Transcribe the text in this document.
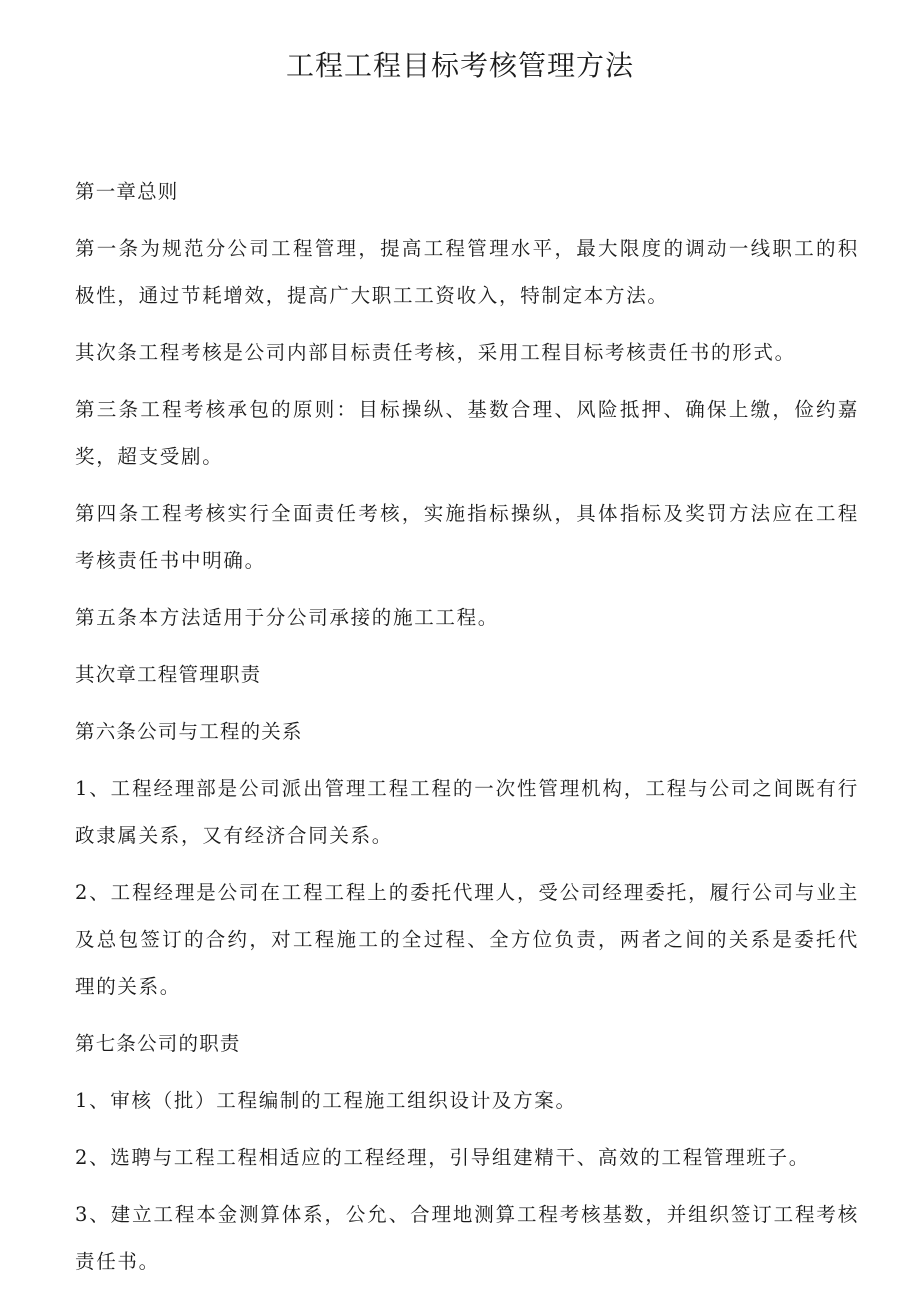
工程工程目标考核管理方法

第一章总则

第一条为规范分公司工程管理，提高工程管理水平，最大限度的调动一线职工的积极性，通过节耗增效，提高广大职工工资收入，特制定本方法。

其次条工程考核是公司内部目标责任考核，采用工程目标考核责任书的形式。

第三条工程考核承包的原则：目标操纵、基数合理、风险抵押、确保上缴，俭约嘉奖，超支受剧。

第四条工程考核实行全面责任考核，实施指标操纵，具体指标及奖罚方法应在工程考核责任书中明确。

第五条本方法适用于分公司承接的施工工程。

其次章工程管理职责

第六条公司与工程的关系

1、工程经理部是公司派出管理工程工程的一次性管理机构，工程与公司之间既有行政隶属关系，又有经济合同关系。

2、工程经理是公司在工程工程上的委托代理人，受公司经理委托，履行公司与业主及总包签订的合约，对工程施工的全过程、全方位负责，两者之间的关系是委托代理的关系。

第七条公司的职责

1、审核（批）工程编制的工程施工组织设计及方案。

2、选聘与工程工程相适应的工程经理，引导组建精干、高效的工程管理班子。

3、建立工程本金测算体系，公允、合理地测算工程考核基数，并组织签订工程考核责任书。
